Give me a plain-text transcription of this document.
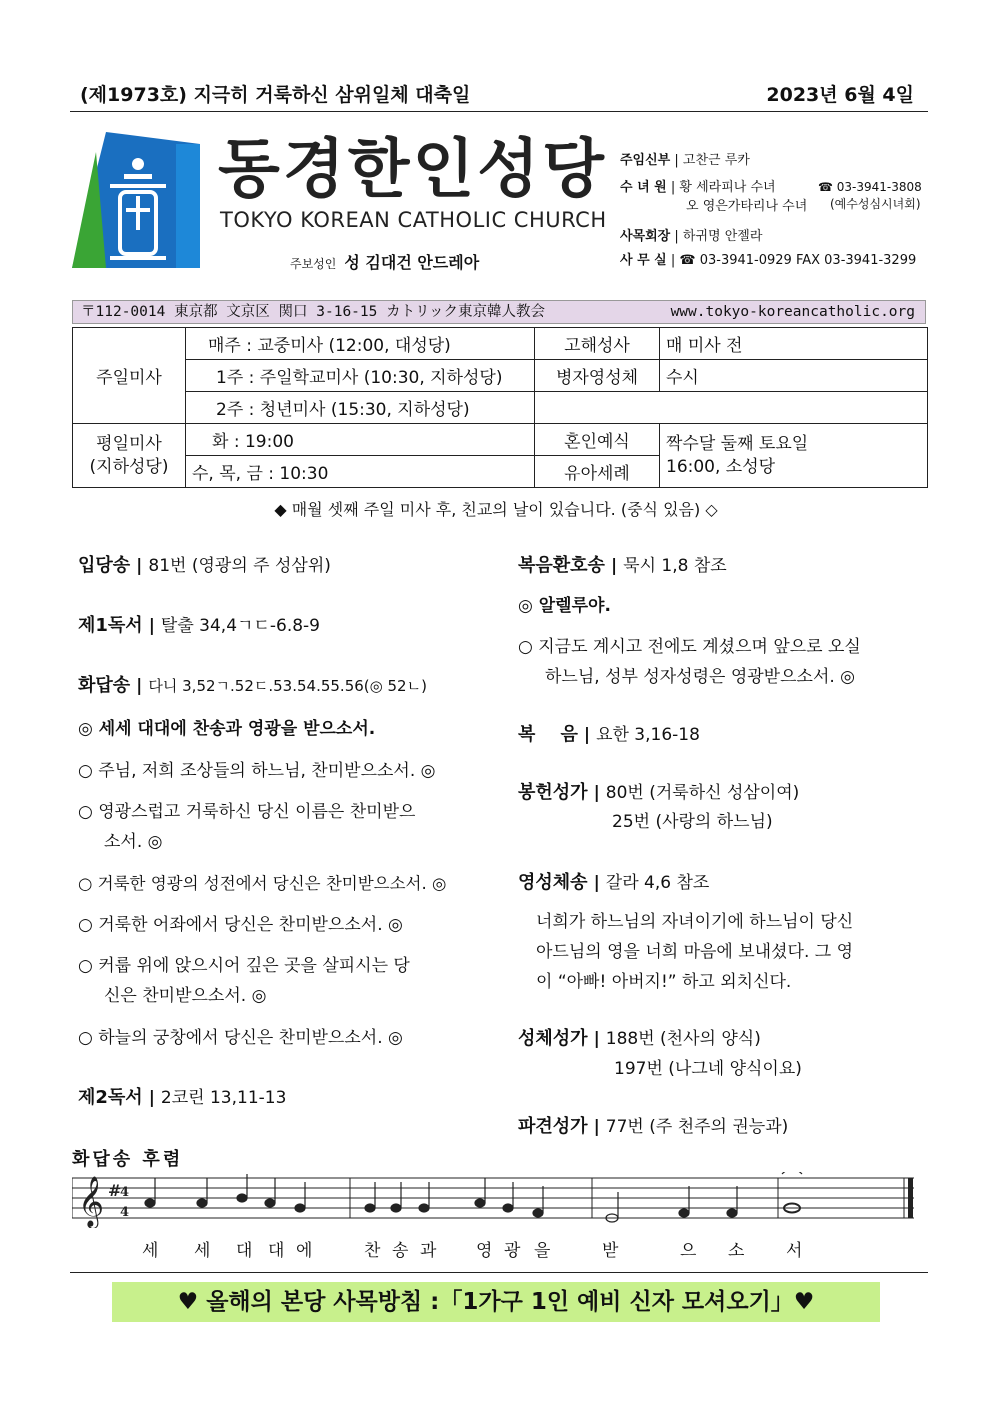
(제1973호) 지극히 거룩하신 삼위일체 대축일	2023년 6월 4일
동경한인성당
TOKYO KOREAN CATHOLIC CHURCH
주보성인 성 김대건 안드레아
주임신부 | 고찬근 루카
수 녀 원 | 황 세라피나 수녀
오 영은가타리나 수녀
☎ 03-3941-3808
(예수성심시녀회)
사목회장 | 하귀명 안젤라
사 무 실 | ☎ 03-3941-0929 FAX 03-3941-3299
〒112-0014 東京都 文京区 関口 3-16-15 カトリック東京韓人教会	www.tokyo-koreancatholic.org
주일미사	매주 : 교중미사 (12:00, 대성당)	고해성사	매 미사 전
	1주 : 주일학교미사 (10:30, 지하성당)	병자영성체	수시
	2주 : 청년미사 (15:30, 지하성당)		
평일미사
(지하성당)	화 : 19:00	혼인예식	짝수달 둘째 토요일
16:00, 소성당
	수, 목, 금 : 10:30	유아세례	
◆ 매월 셋째 주일 미사 후, 친교의 날이 있습니다. (중식 있음) ◇
입당송 | 81번 (영광의 주 성삼위)
제1독서 | 탈출 34,4ㄱㄷ-6.8-9
화답송 | 다니 3,52ㄱ.52ㄷ.53.54.55.56(◎ 52ㄴ)
◎ 세세 대대에 찬송과 영광을 받으소서.
○ 주님, 저희 조상들의 하느님, 찬미받으소서. ◎
○ 영광스럽고 거룩하신 당신 이름은 찬미받으
소서. ◎
○ 거룩한 영광의 성전에서 당신은 찬미받으소서. ◎
○ 거룩한 어좌에서 당신은 찬미받으소서. ◎
○ 커룹 위에 앉으시어 깊은 곳을 살피시는 당
신은 찬미받으소서. ◎
○ 하늘의 궁창에서 당신은 찬미받으소서. ◎
제2독서 | 2코린 13,11-13
복음환호송 | 묵시 1,8 참조
◎ 알렐루야.
○ 지금도 계시고 전에도 계셨으며 앞으로 오실
하느님, 성부 성자성령은 영광받으소서. ◎
복    음 | 요한 3,16-18
봉헌성가 | 80번 (거룩하신 성삼이여)
25번 (사랑의 하느님)
영성체송 | 갈라 4,6 참조
너희가 하느님의 자녀이기에 하느님이 당신
아드님의 영을 너희 마음에 보내셨다. 그 영
이 “아빠! 아버지!” 하고 외치신다.
성체성가 | 188번 (천사의 양식)
197번 (나그네 양식이요)
파견성가 | 77번 (주 천주의 권능과)
화답송 후렴
𝄞 #
4
4
세 세 대 대 에	찬 송 과 영 광 을	받	으 소 서
♥ 올해의 본당 사목방침 :「1가구 1인 예비 신자 모셔오기」♥
